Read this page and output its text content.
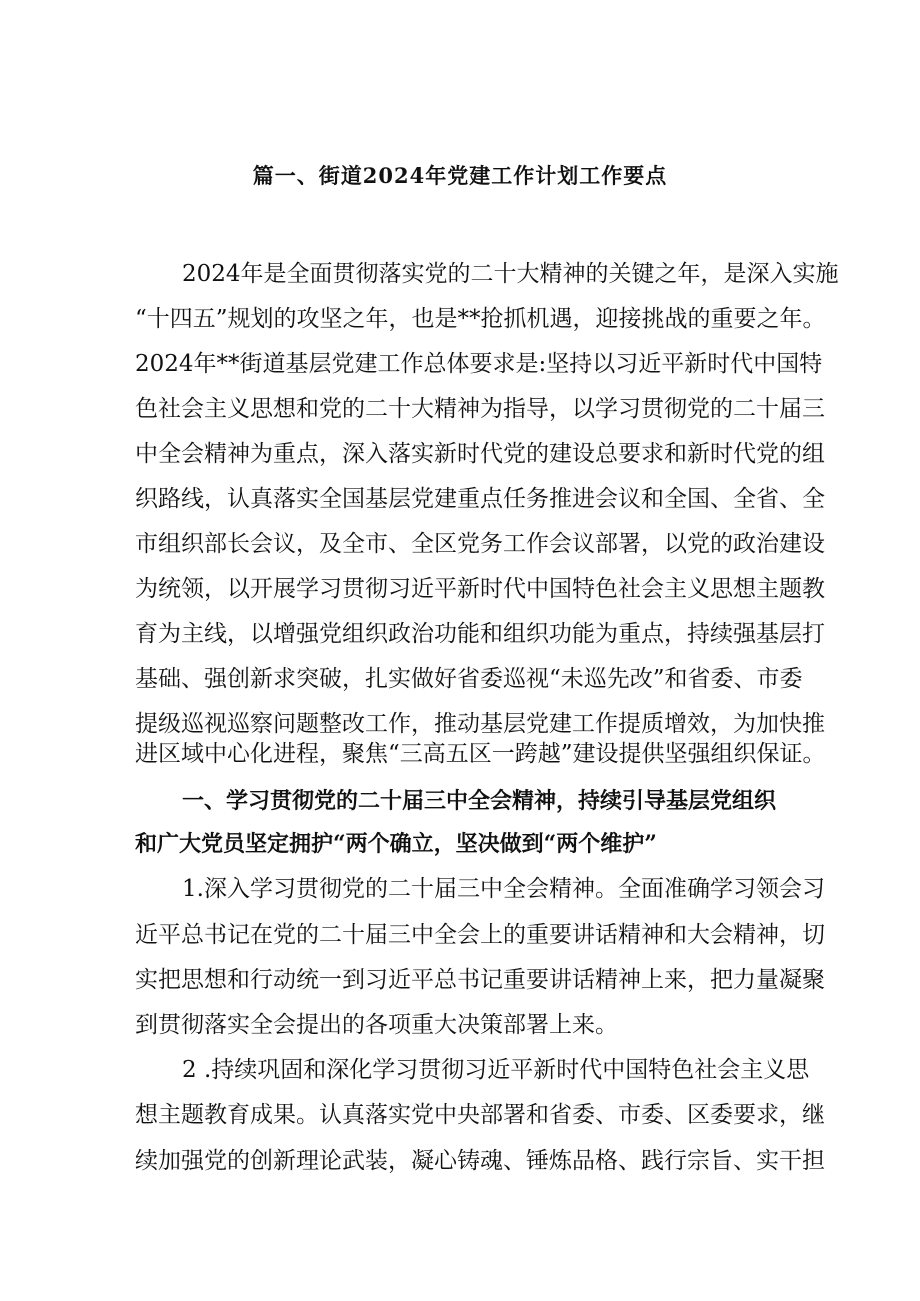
篇一、街道2024年党建工作计划工作要点
2024年是全面贯彻落实党的二十大精神的关键之年，是深入实施
“十四五”规划的攻坚之年，也是**抢抓机遇，迎接挑战的重要之年。
2024年**街道基层党建工作总体要求是:坚持以习近平新时代中国特
色社会主义思想和党的二十大精神为指导，以学习贯彻党的二十届三
中全会精神为重点，深入落实新时代党的建设总要求和新时代党的组
织路线，认真落实全国基层党建重点任务推进会议和全国、全省、全
市组织部长会议，及全市、全区党务工作会议部署，以党的政治建设
为统领，以开展学习贯彻习近平新时代中国特色社会主义思想主题教
育为主线，以增强党组织政治功能和组织功能为重点，持续强基层打
基础、强创新求突破，扎实做好省委巡视“未巡先改”和省委、市委
提级巡视巡察问题整改工作，推动基层党建工作提质增效，为加快推
进区域中心化进程，聚焦“三高五区一跨越”建设提供坚强组织保证。
一、学习贯彻党的二十届三中全会精神，持续引导基层党组织
和广大党员坚定拥护“两个确立，坚决做到“两个维护”
1.深入学习贯彻党的二十届三中全会精神。全面准确学习领会习
近平总书记在党的二十届三中全会上的重要讲话精神和大会精神，切
实把思想和行动统一到习近平总书记重要讲话精神上来，把力量凝聚
到贯彻落实全会提出的各项重大决策部署上来。
2 .持续巩固和深化学习贯彻习近平新时代中国特色社会主义思
想主题教育成果。认真落实党中央部署和省委、市委、区委要求，继
续加强党的创新理论武装，凝心铸魂、锤炼品格、践行宗旨、实干担
